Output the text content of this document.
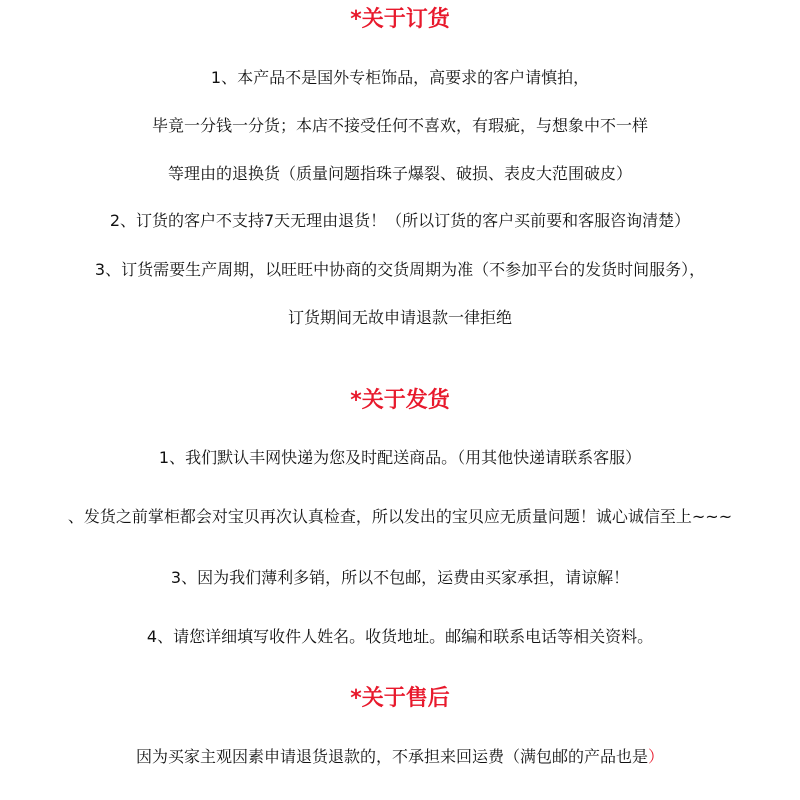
*关于订货
1、本产品不是国外专柜饰品，高要求的客户请慎拍，
毕竟一分钱一分货；本店不接受任何不喜欢，有瑕疵，与想象中不一样
等理由的退换货（质量问题指珠子爆裂、破损、表皮大范围破皮）
2、订货的客户不支持7天无理由退货！（所以订货的客户买前要和客服咨询清楚）
3、订货需要生产周期，以旺旺中协商的交货周期为准（不参加平台的发货时间服务），
订货期间无故申请退款一律拒绝
*关于发货
1、我们默认丰网快递为您及时配送商品。（用其他快递请联系客服）
、发货之前掌柜都会对宝贝再次认真检查，所以发出的宝贝应无质量问题！诚心诚信至上~~~
3、因为我们薄利多销，所以不包邮，运费由买家承担，请谅解！
4、请您详细填写收件人姓名。收货地址。邮编和联系电话等相关资料。
*关于售后
因为买家主观因素申请退货退款的，不承担来回运费（满包邮的产品也是）
